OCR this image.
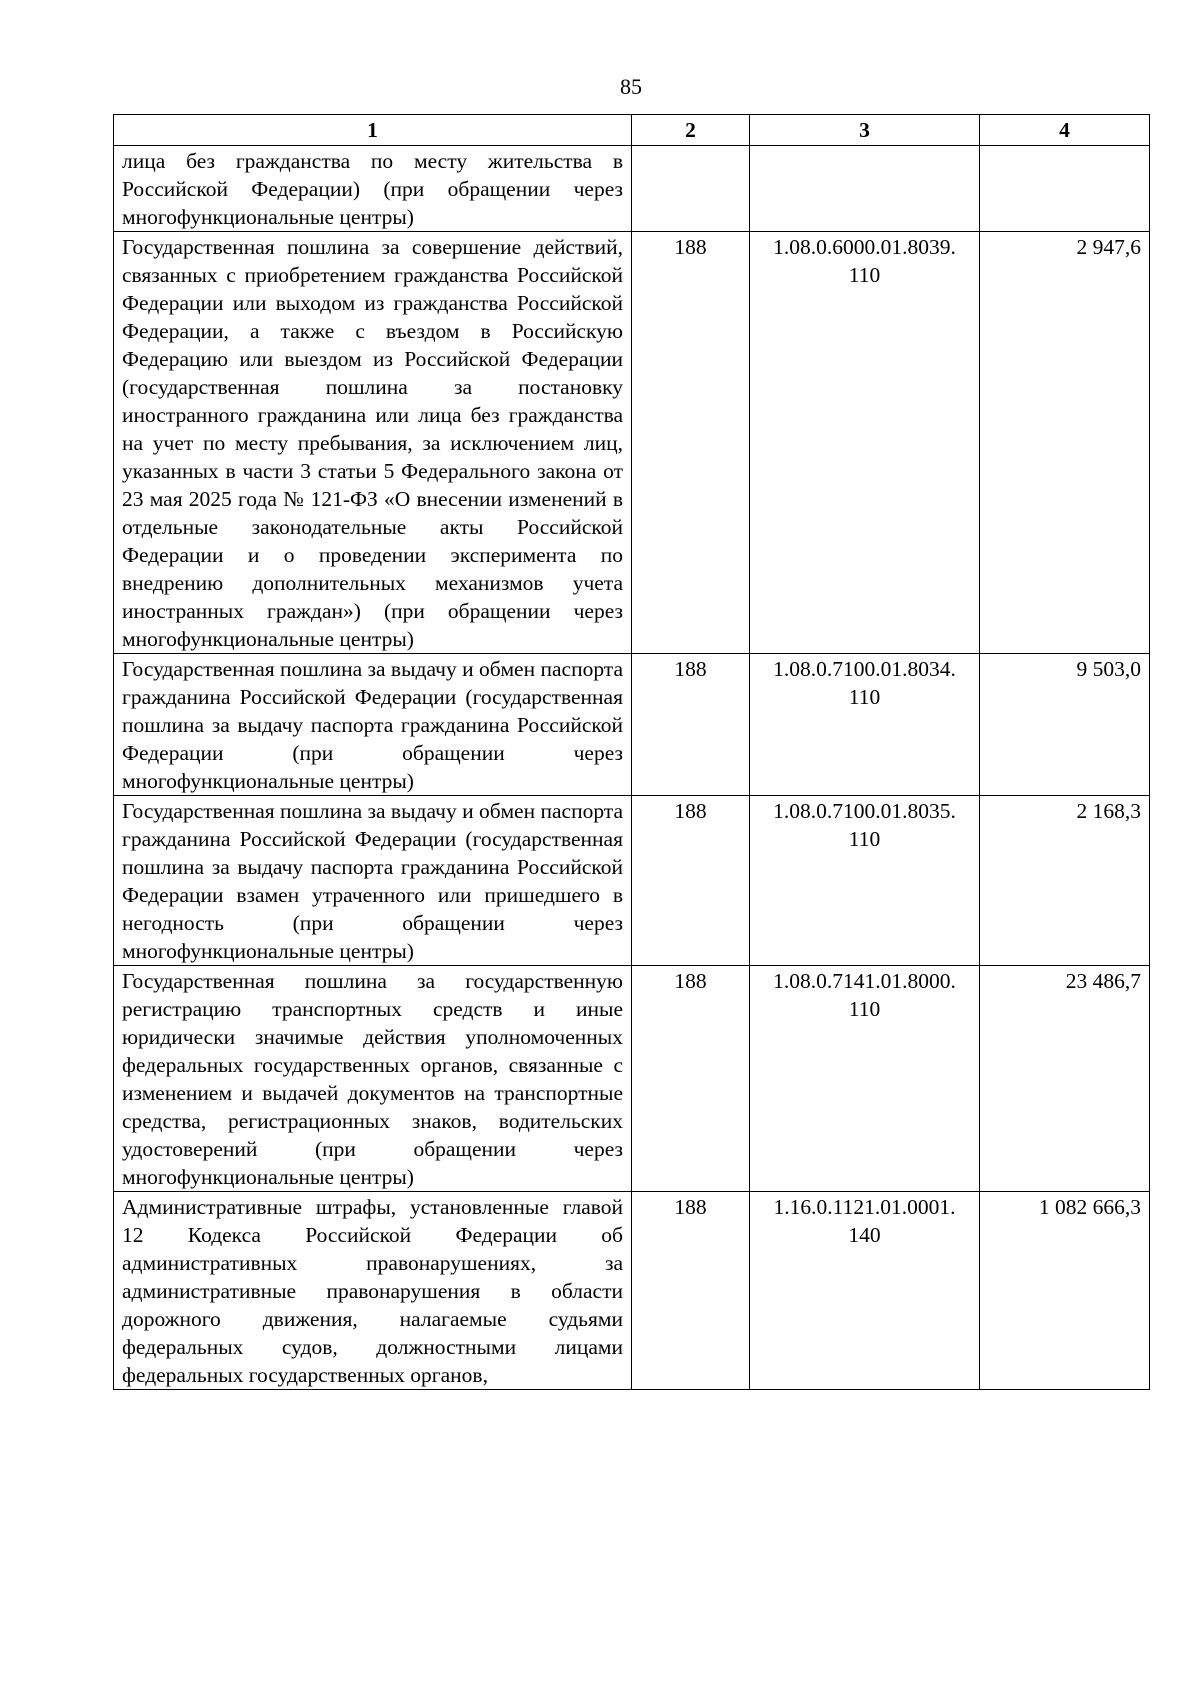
85
1	2	3	4
лица без гражданства по месту жительства в Российской Федерации) (при обращении через многофункциональные центры)			
Государственная пошлина за совершение действий, связанных с приобретением гражданства Российской Федерации или выходом из гражданства Российской Федерации, а также с въездом в Российскую Федерацию или выездом из Российской Федерации (государственная пошлина за постановку иностранного гражданина или лица без гражданства на учет по месту пребывания, за исключением лиц, указанных в части 3 статьи 5 Федерального закона от 23 мая 2025 года № 121-ФЗ «О внесении изменений в отдельные законодательные акты Российской Федерации и о проведении эксперимента по внедрению дополнительных механизмов учета иностранных граждан») (при обращении через многофункциональные центры)	188	1.08.0.6000.01.8039. 110	2 947,6
Государственная пошлина за выдачу и обмен паспорта гражданина Российской Федерации (государственная пошлина за выдачу паспорта гражданина Российской Федерации (при обращении через многофункциональные центры)	188	1.08.0.7100.01.8034. 110	9 503,0
Государственная пошлина за выдачу и обмен паспорта гражданина Российской Федерации (государственная пошлина за выдачу паспорта гражданина Российской Федерации взамен утраченного или пришедшего в негодность (при обращении через многофункциональные центры)	188	1.08.0.7100.01.8035. 110	2 168,3
Государственная пошлина за государственную регистрацию транспортных средств и иные юридически значимые действия уполномоченных федеральных государственных органов, связанные с изменением и выдачей документов на транспортные средства, регистрационных знаков, водительских удостоверений (при обращении через многофункциональные центры)	188	1.08.0.7141.01.8000. 110	23 486,7
Административные штрафы, установленные главой 12 Кодекса Российской Федерации об административных правонарушениях, за административные правонарушения в области дорожного движения, налагаемые судьями федеральных судов, должностными лицами федеральных государственных органов,	188	1.16.0.1121.01.0001. 140	1 082 666,3
